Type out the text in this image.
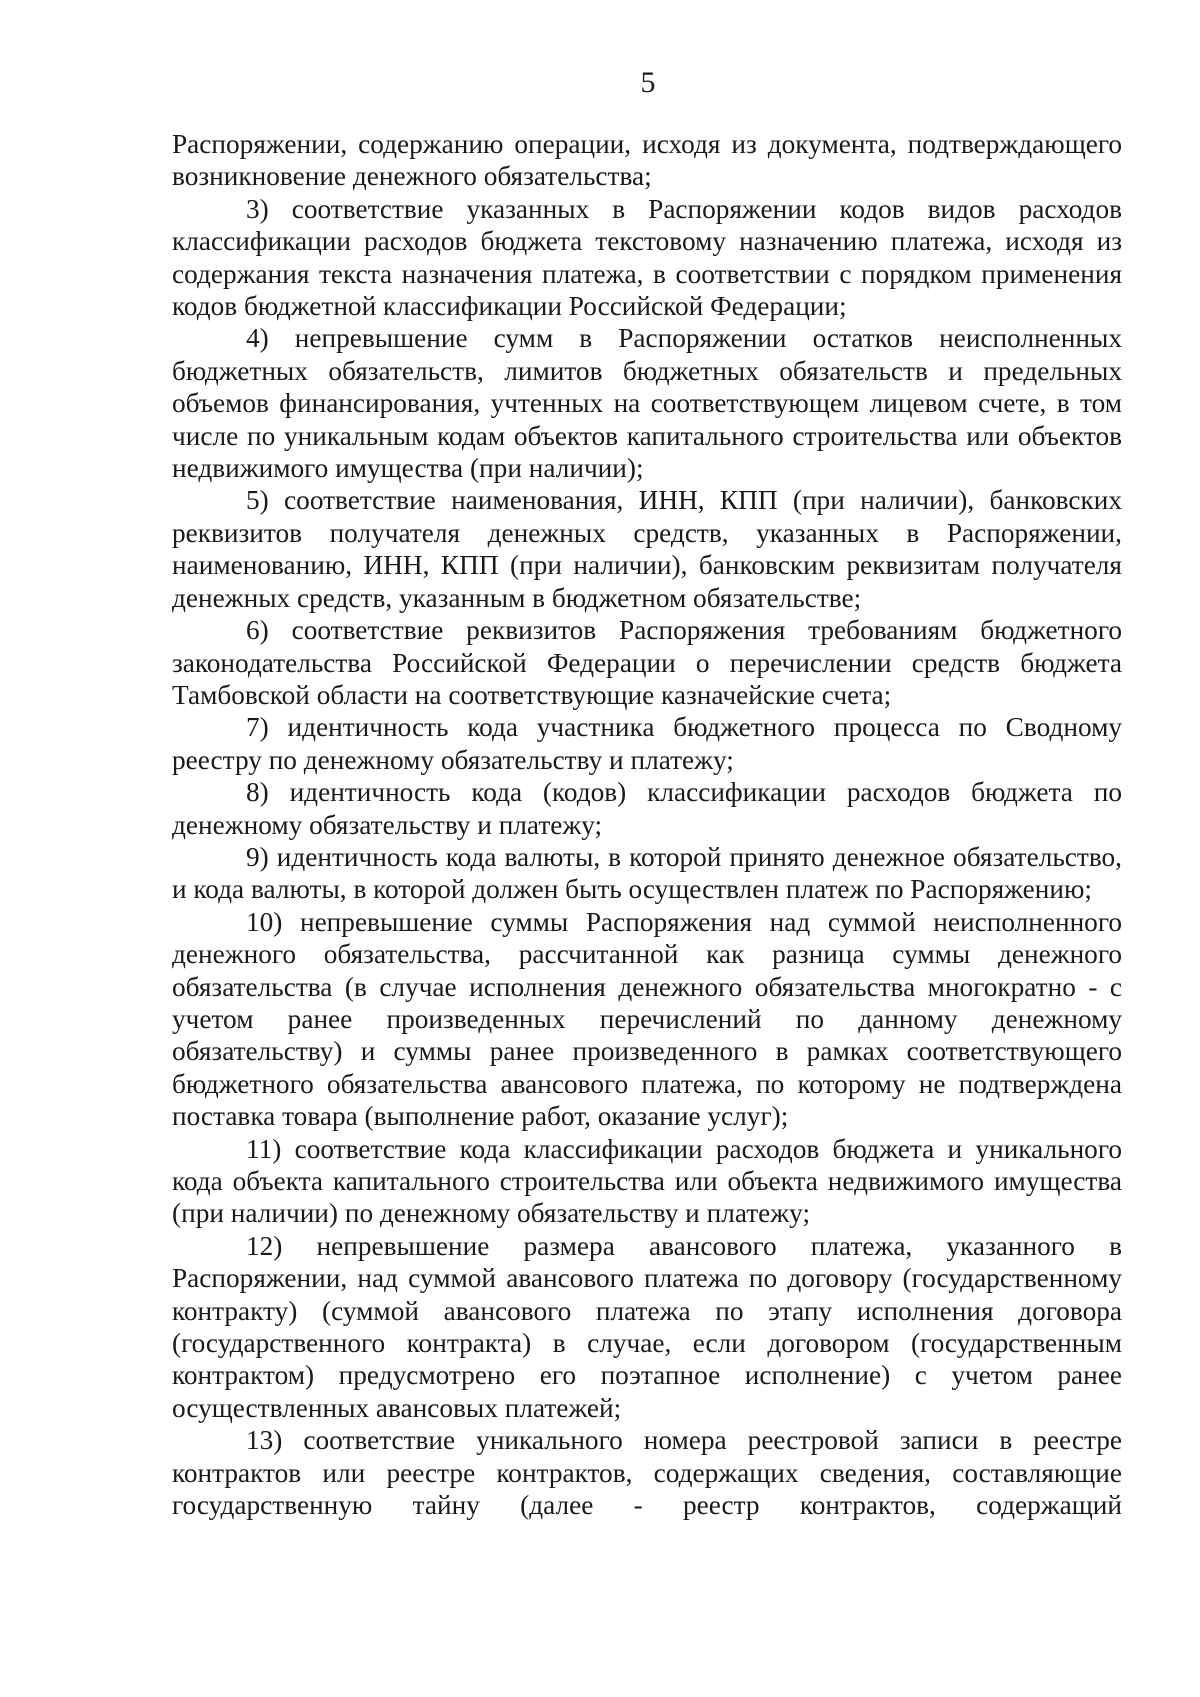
5

Распоряжении, содержанию операции, исходя из документа, подтверждающего возникновение денежного обязательства;

3) соответствие указанных в Распоряжении кодов видов расходов классификации расходов бюджета текстовому назначению платежа, исходя из содержания текста назначения платежа, в соответствии с порядком применения кодов бюджетной классификации Российской Федерации;

4) непревышение сумм в Распоряжении остатков неисполненных бюджетных обязательств, лимитов бюджетных обязательств и предельных объемов финансирования, учтенных на соответствующем лицевом счете, в том числе по уникальным кодам объектов капитального строительства или объектов недвижимого имущества (при наличии);

5) соответствие наименования, ИНН, КПП (при наличии), банковских реквизитов получателя денежных средств, указанных в Распоряжении, наименованию, ИНН, КПП (при наличии), банковским реквизитам получателя денежных средств, указанным в бюджетном обязательстве;

6) соответствие реквизитов Распоряжения требованиям бюджетного законодательства Российской Федерации о перечислении средств бюджета Тамбовской области на соответствующие казначейские счета;

7) идентичность кода участника бюджетного процесса по Сводному реестру по денежному обязательству и платежу;

8) идентичность кода (кодов) классификации расходов бюджета по денежному обязательству и платежу;

9) идентичность кода валюты, в которой принято денежное обязательство, и кода валюты, в которой должен быть осуществлен платеж по Распоряжению;

10) непревышение суммы Распоряжения над суммой неисполненного денежного обязательства, рассчитанной как разница суммы денежного обязательства (в случае исполнения денежного обязательства многократно - с учетом ранее произведенных перечислений по данному денежному обязательству) и суммы ранее произведенного в рамках соответствующего бюджетного обязательства авансового платежа, по которому не подтверждена поставка товара (выполнение работ, оказание услуг);

11) соответствие кода классификации расходов бюджета и уникального кода объекта капитального строительства или объекта недвижимого имущества (при наличии) по денежному обязательству и платежу;

12) непревышение размера авансового платежа, указанного в Распоряжении, над суммой авансового платежа по договору (государственному контракту) (суммой авансового платежа по этапу исполнения договора (государственного контракта) в случае, если договором (государственным контрактом) предусмотрено его поэтапное исполнение) с учетом ранее осуществленных авансовых платежей;

13) соответствие уникального номера реестровой записи в реестре контрактов или реестре контрактов, содержащих сведения, составляющие государственную тайну (далее - реестр контрактов, содержащий
